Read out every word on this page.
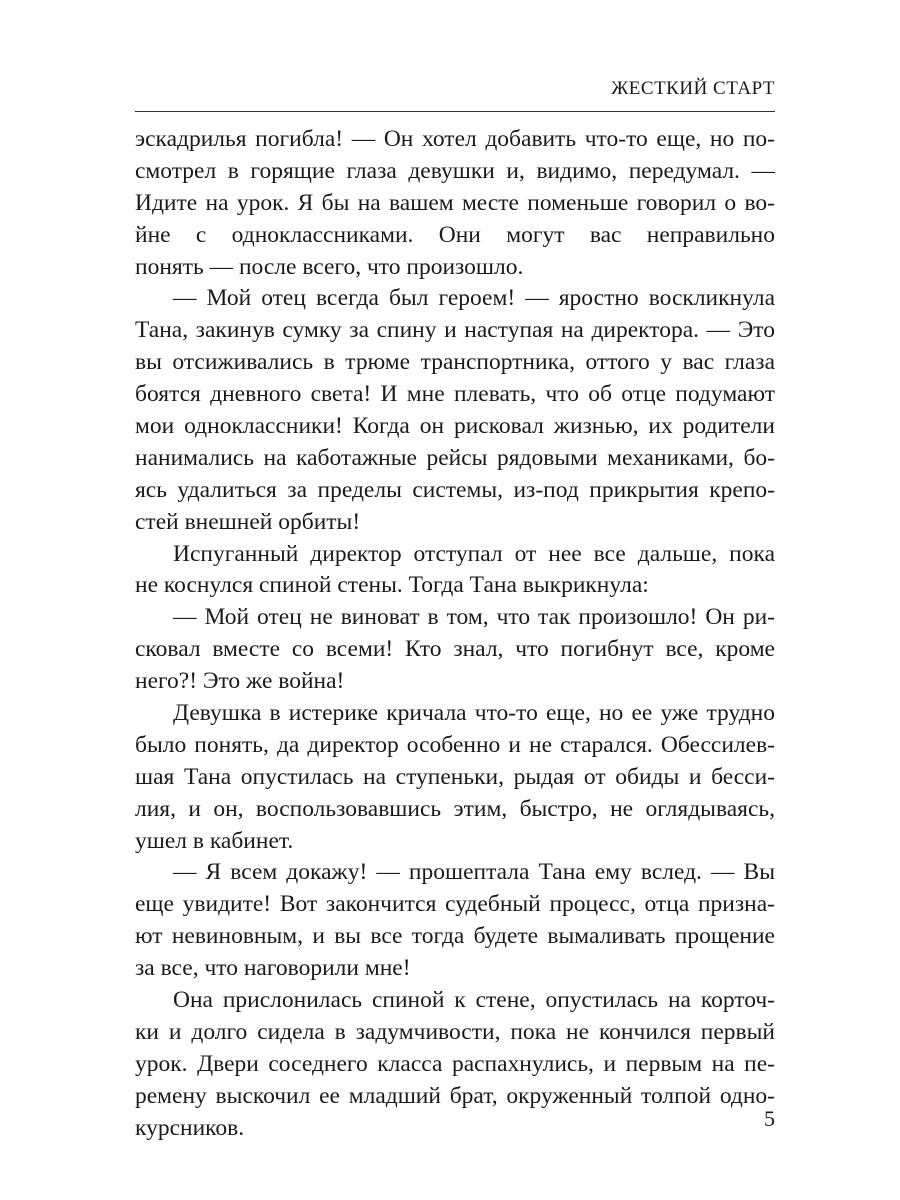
ЖЕСТКИЙ СТАРТ
эскадрилья погибла! — Он хотел добавить что-то еще, но по-
смотрел в горящие глаза девушки и, видимо, передумал. —
Идите на урок. Я бы на вашем месте поменьше говорил о во-
йне с одноклассниками. Они могут вас неправильно
понять — после всего, что произошло.
— Мой отец всегда был героем! — яростно воскликнула
Тана, закинув сумку за спину и наступая на директора. — Это
вы отсиживались в трюме транспортника, оттого у вас глаза
боятся дневного света! И мне плевать, что об отце подумают
мои одноклассники! Когда он рисковал жизнью, их родители
нанимались на каботажные рейсы рядовыми механиками, бо-
ясь удалиться за пределы системы, из-под прикрытия крепо-
стей внешней орбиты!
Испуганный директор отступал от нее все дальше, пока
не коснулся спиной стены. Тогда Тана выкрикнула:
— Мой отец не виноват в том, что так произошло! Он ри-
сковал вместе со всеми! Кто знал, что погибнут все, кроме
него?! Это же война!
Девушка в истерике кричала что-то еще, но ее уже трудно
было понять, да директор особенно и не старался. Обессилев-
шая Тана опустилась на ступеньки, рыдая от обиды и бесси-
лия, и он, воспользовавшись этим, быстро, не оглядываясь,
ушел в кабинет.
— Я всем докажу! — прошептала Тана ему вслед. — Вы
еще увидите! Вот закончится судебный процесс, отца призна-
ют невиновным, и вы все тогда будете вымаливать прощение
за все, что наговорили мне!
Она прислонилась спиной к стене, опустилась на корточ-
ки и долго сидела в задумчивости, пока не кончился первый
урок. Двери соседнего класса распахнулись, и первым на пе-
ремену выскочил ее младший брат, окруженный толпой одно-
курсников.	5
